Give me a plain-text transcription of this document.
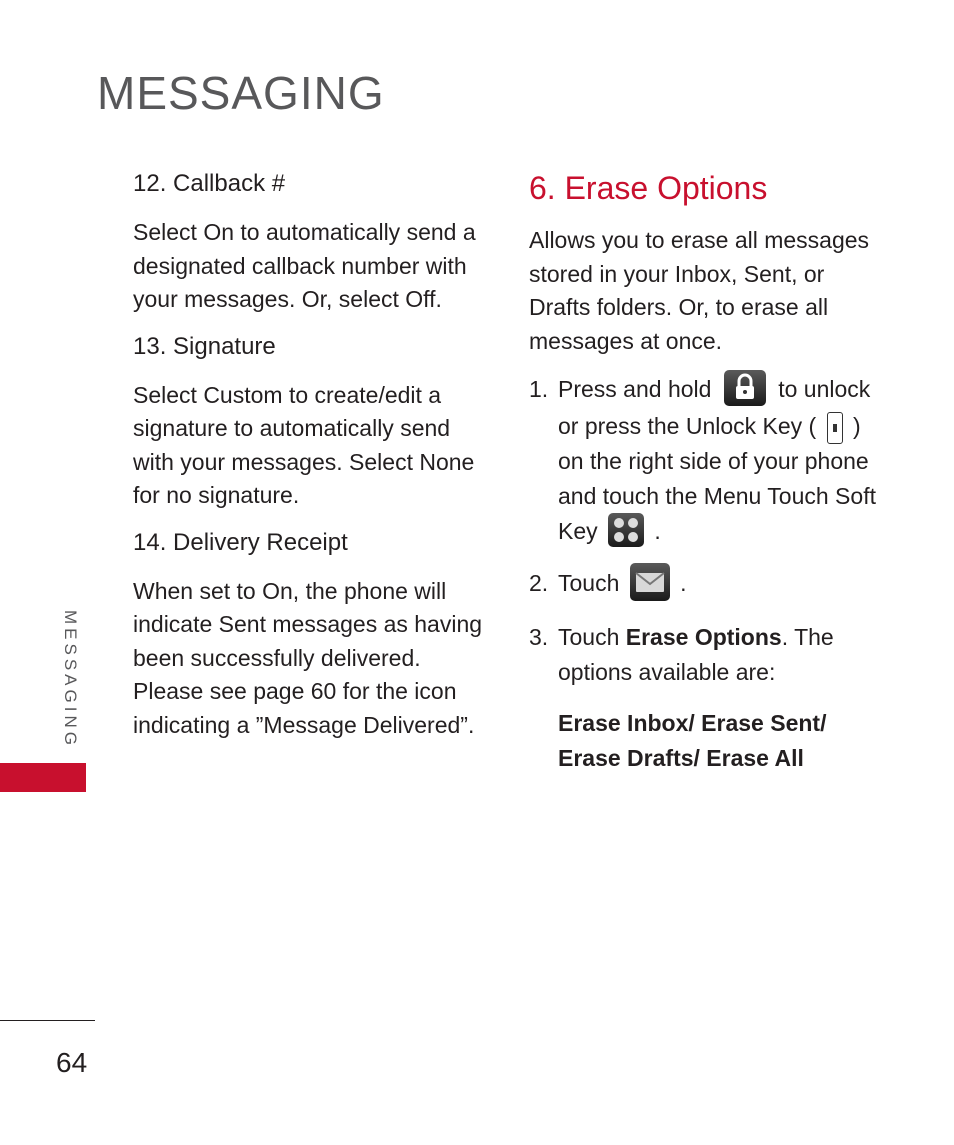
MESSAGING
12. Callback #
Select On to automatically send a designated callback number with your messages. Or, select Off.
13. Signature
Select Custom to create/edit a signature to automatically send with your messages. Select None for no signature.
14. Delivery Receipt
When set to On, the phone will indicate Sent messages as having been successfully delivered. Please see page 60 for the icon indicating a ”Message Delivered”.
6. Erase Options
Allows you to erase all messages stored in your Inbox, Sent, or Drafts folders. Or, to erase all messages at once.
1. Press and hold	to unlock or press the Unlock Key ( ) on the right side of your phone and touch the Menu Touch Soft Key .
2. Touch	.
3. Touch Erase Options. The options available are:
Erase Inbox/ Erase Sent/
Erase Drafts/ Erase All
MESSAGING
64
